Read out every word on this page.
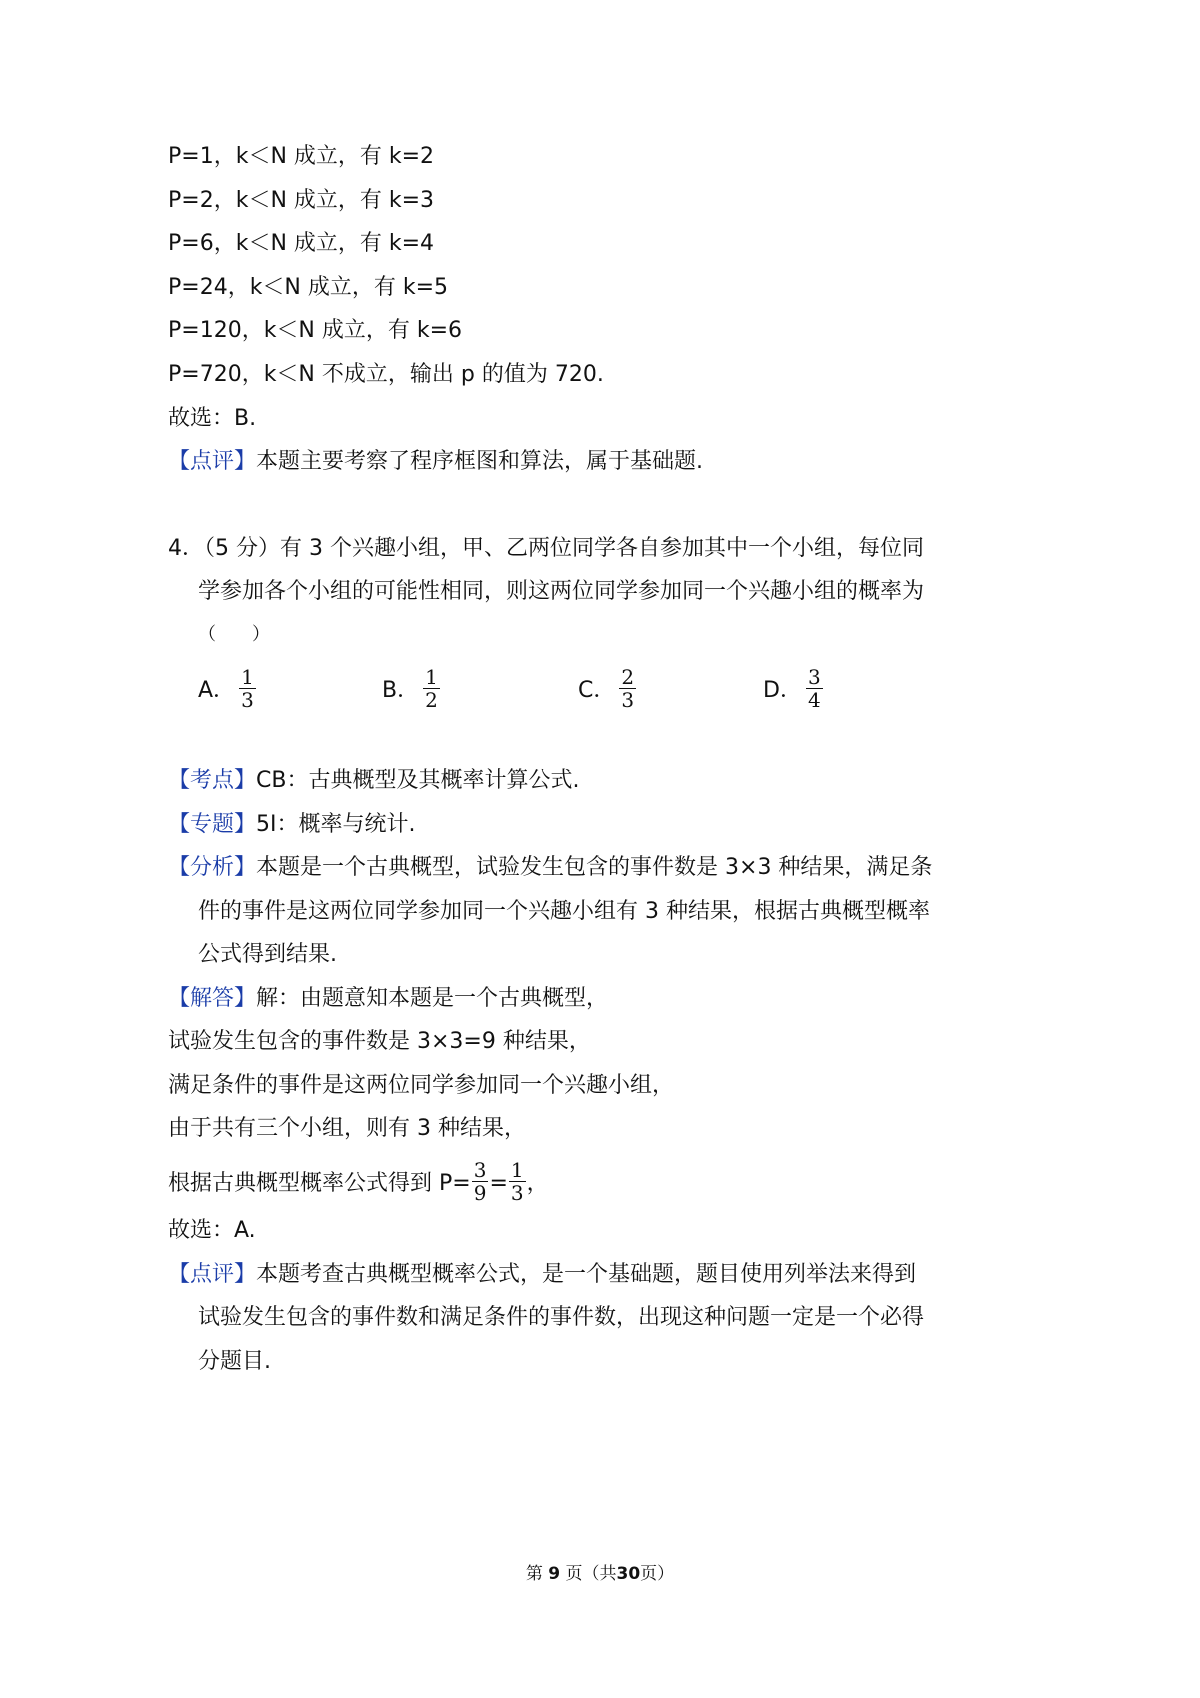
P=1，k＜N 成立，有 k=2
P=2，k＜N 成立，有 k=3
P=6，k＜N 成立，有 k=4
P=24，k＜N 成立，有 k=5
P=120，k＜N 成立，有 k=6
P=720，k＜N 不成立，输出 p 的值为 720.
故选：B.
【点评】本题主要考察了程序框图和算法，属于基础题.
4．（5 分）有 3 个兴趣小组，甲、乙两位同学各自参加其中一个小组，每位同
学参加各个小组的可能性相同，则这两位同学参加同一个兴趣小组的概率为
（　　）
A． $\frac{1}{3}$	B． $\frac{1}{2}$	C． $\frac{2}{3}$	D． $\frac{3}{4}$
【考点】CB：古典概型及其概率计算公式.
【专题】5I：概率与统计.
【分析】本题是一个古典概型，试验发生包含的事件数是 3×3 种结果，满足条
件的事件是这两位同学参加同一个兴趣小组有 3 种结果，根据古典概型概率
公式得到结果.
【解答】解：由题意知本题是一个古典概型，
试验发生包含的事件数是 3×3=9 种结果，
满足条件的事件是这两位同学参加同一个兴趣小组，
由于共有三个小组，则有 3 种结果，
根据古典概型概率公式得到 $P= \frac{3}{9} = \frac{1}{3}$ ，
故选：A.
【点评】本题考查古典概型概率公式，是一个基础题，题目使用列举法来得到
试验发生包含的事件数和满足条件的事件数，出现这种问题一定是一个必得
分题目.
第 9 页（共30页）
